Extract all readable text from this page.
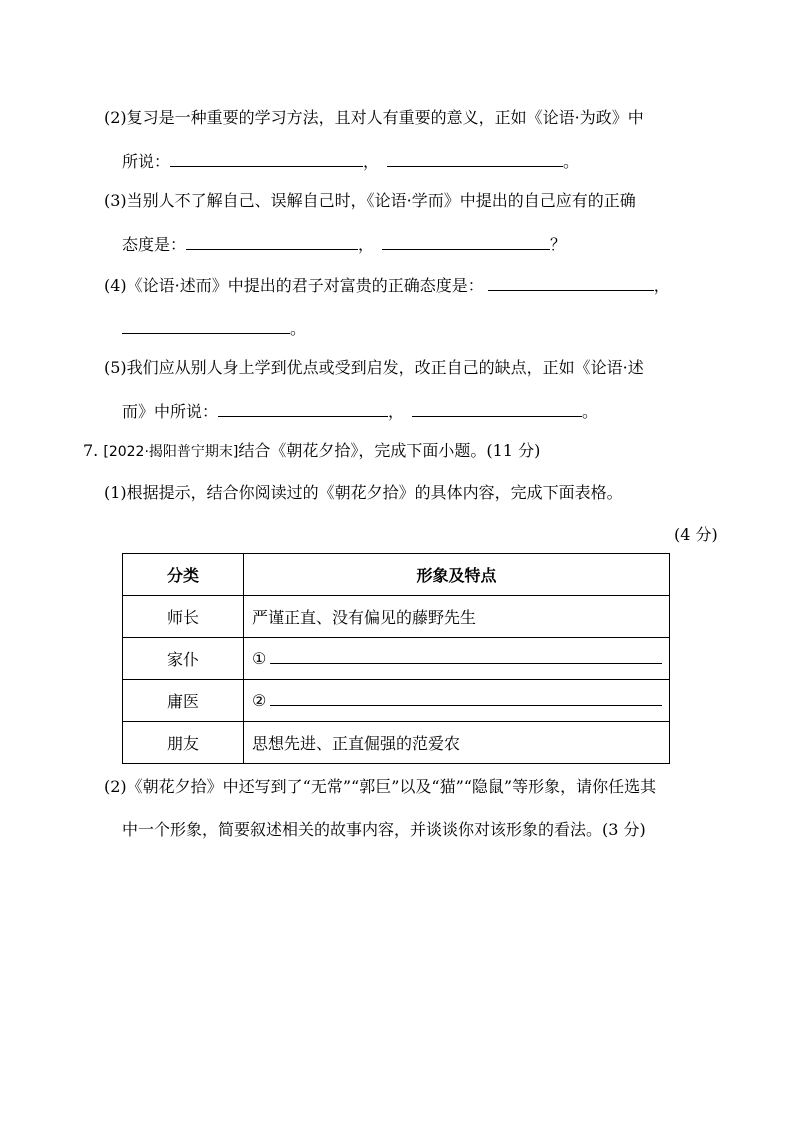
(2)复习是一种重要的学习方法，且对人有重要的意义，正如《论语·为政》中
所说：	，	。
(3)当别人不了解自己、误解自己时，《论语·学而》中提出的自己应有的正确
态度是：	，	？
(4)《论语·述而》中提出的君子对富贵的正确态度是：	，
。
(5)我们应从别人身上学到优点或受到启发，改正自己的缺点，正如《论语·述
而》中所说：	，	。
7. [2022·揭阳普宁期末]结合《朝花夕拾》，完成下面小题。(11 分)
(1)根据提示，结合你阅读过的《朝花夕拾》的具体内容，完成下面表格。
(4 分)
分类	形象及特点
师长	严谨正直、没有偏见的藤野先生
家仆	①
庸医	②
朋友	思想先进、正直倔强的范爱农
(2)《朝花夕拾》中还写到了“无常”“郭巨”以及“猫”“隐鼠”等形象，请你任选其
中一个形象，简要叙述相关的故事内容，并谈谈你对该形象的看法。(3 分)
